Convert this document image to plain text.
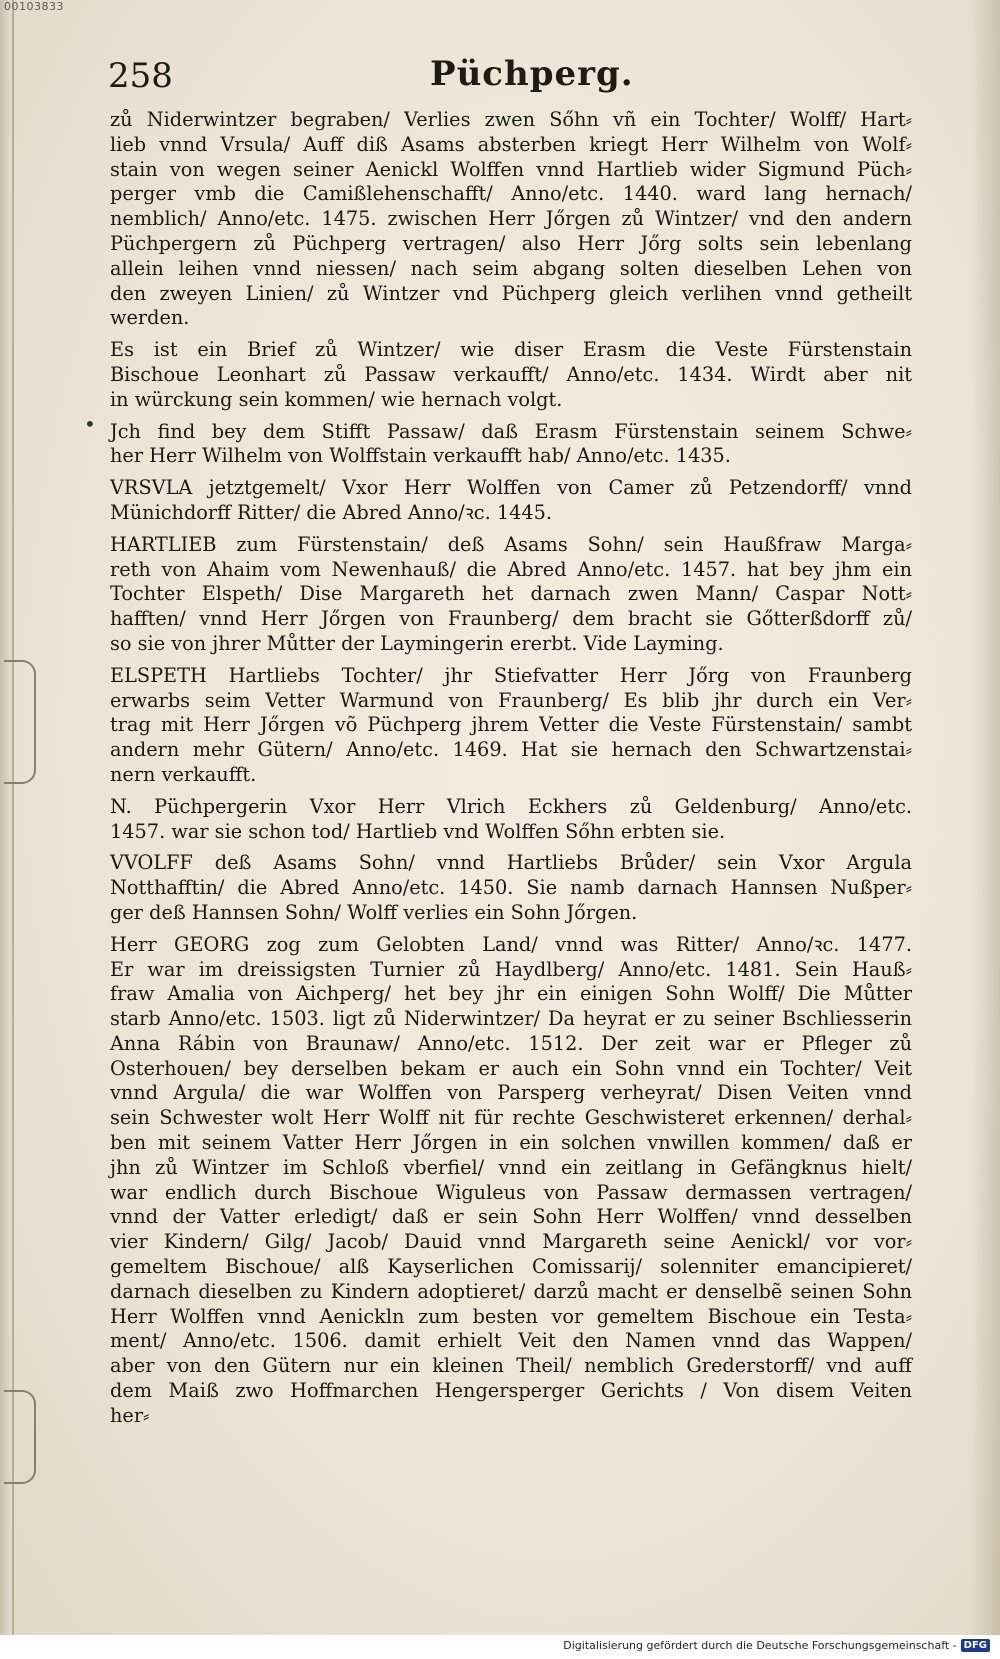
•
258	Püchperg.

zů Niderwintzer begraben/ Verlies zwen Sőhn vñ ein Tochter/ Wolff/ Hart⸗
lieb vnnd Vrsula/ Auff diß Asams absterben kriegt Herr Wilhelm von Wolf⸗
stain von wegen seiner Aenickl Wolffen vnnd Hartlieb wider Sigmund Püch⸗
perger vmb die Camißlehenschafft/ Anno/etc. 1440. ward lang hernach/
nemblich/ Anno/etc. 1475. zwischen Herr Jőrgen zů Wintzer/ vnd den andern
Püchpergern zů Püchperg vertragen/ also Herr Jőrg solts sein lebenlang
allein leihen vnnd niessen/ nach seim abgang solten dieselben Lehen von
den zweyen Linien/ zů Wintzer vnd Püchperg gleich verlihen vnnd getheilt
werden.

Es ist ein Brief zů Wintzer/ wie diser Erasm die Veste Fürstenstain
Bischoue Leonhart zů Passaw verkaufft/ Anno/etc. 1434. Wirdt aber nit
in würckung sein kommen/ wie hernach volgt.

Jch find bey dem Stifft Passaw/ daß Erasm Fürstenstain seinem Schwe⸗
her Herr Wilhelm von Wolffstain verkaufft hab/ Anno/etc. 1435.

VRSVLA jetztgemelt/ Vxor Herr Wolffen von Camer zů Petzendorff/ vnnd
Münichdorff Ritter/ die Abred Anno/ꝛc. 1445.

HARTLIEB zum Fürstenstain/ deß Asams Sohn/ sein Haußfraw Marga⸗
reth von Ahaim vom Newenhauß/ die Abred Anno/etc. 1457. hat bey jhm ein
Tochter Elspeth/ Dise Margareth het darnach zwen Mann/ Caspar Nott⸗
hafften/ vnnd Herr Jőrgen von Fraunberg/ dem bracht sie Gőtterßdorff zů/
so sie von jhrer Můtter der Laymingerin ererbt. Vide Layming.

ELSPETH Hartliebs Tochter/ jhr Stiefvatter Herr Jőrg von Fraunberg
erwarbs seim Vetter Warmund von Fraunberg/ Es blib jhr durch ein Ver⸗
trag mit Herr Jőrgen võ Püchperg jhrem Vetter die Veste Fürstenstain/ sambt
andern mehr Gütern/ Anno/etc. 1469. Hat sie hernach den Schwartzenstai⸗
nern verkaufft.

N. Püchpergerin Vxor Herr Vlrich Eckhers zů Geldenburg/ Anno/etc.
1457. war sie schon tod/ Hartlieb vnd Wolffen Sőhn erbten sie.

VVOLFF deß Asams Sohn/ vnnd Hartliebs Brůder/ sein Vxor Argula
Notthafftin/ die Abred Anno/etc. 1450. Sie namb darnach Hannsen Nußper⸗
ger deß Hannsen Sohn/ Wolff verlies ein Sohn Jőrgen.

Herr GEORG zog zum Gelobten Land/ vnnd was Ritter/ Anno/ꝛc. 1477.
Er war im dreissigsten Turnier zů Haydlberg/ Anno/etc. 1481. Sein Hauß⸗
fraw Amalia von Aichperg/ het bey jhr ein einigen Sohn Wolff/ Die Můtter
starb Anno/etc. 1503. ligt zů Niderwintzer/ Da heyrat er zu seiner Bschliesserin
Anna Rábin von Braunaw/ Anno/etc. 1512. Der zeit war er Pfleger zů
Osterhouen/ bey derselben bekam er auch ein Sohn vnnd ein Tochter/ Veit
vnnd Argula/ die war Wolffen von Parsperg verheyrat/ Disen Veiten vnnd
sein Schwester wolt Herr Wolff nit für rechte Geschwisteret erkennen/ derhal⸗
ben mit seinem Vatter Herr Jőrgen in ein solchen vnwillen kommen/ daß er
jhn zů Wintzer im Schloß vberfiel/ vnnd ein zeitlang in Gefängknus hielt/
war endlich durch Bischoue Wiguleus von Passaw dermassen vertragen/
vnnd der Vatter erledigt/ daß er sein Sohn Herr Wolffen/ vnnd desselben
vier Kindern/ Gilg/ Jacob/ Dauid vnnd Margareth seine Aenickl/ vor vor⸗
gemeltem Bischoue/ alß Kayserlichen Comissarij/ solenniter emancipieret/
darnach dieselben zu Kindern adoptieret/ darzů macht er denselbẽ seinen Sohn
Herr Wolffen vnnd Aenickln zum besten vor gemeltem Bischoue ein Testa⸗
ment/ Anno/etc. 1506. damit erhielt Veit den Namen vnnd das Wappen/
aber von den Gütern nur ein kleinen Theil/ nemblich Grederstorff/ vnd auff
dem Maiß zwo Hoffmarchen Hengersperger Gerichts / Von disem Veiten
her⸗

00103833
Digitalisierung gefördert durch die Deutsche Forschungsgemeinschaft - DFG
